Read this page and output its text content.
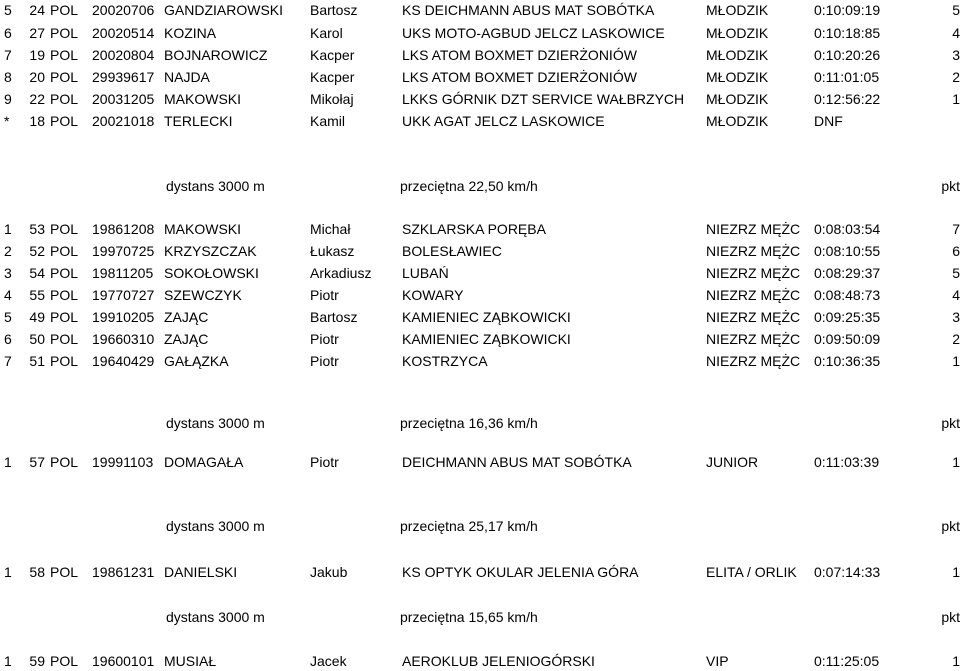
5	24 POL 20020706 GANDZIAROWSKI	Bartosz	KS DEICHMANN ABUS MAT SOBÓTKA	MŁODZIK	0:10:09:19	5
6	27 POL 20020514 KOZINA	Karol	UKS MOTO-AGBUD JELCZ LASKOWICE	MŁODZIK	0:10:18:85	4
7	19 POL 20020804 BOJNAROWICZ	Kacper	LKS ATOM BOXMET DZIERŻONIÓW	MŁODZIK	0:10:20:26	3
8	20 POL 29939617 NAJDA	Kacper	LKS ATOM BOXMET DZIERŻONIÓW	MŁODZIK	0:11:01:05	2
9	22 POL 20031205 MAKOWSKI	Mikołaj	LKKS GÓRNIK DZT SERVICE WAŁBRZYCH	MŁODZIK	0:12:56:22	1
*	18 POL 20021018 TERLECKI	Kamil	UKK AGAT JELCZ LASKOWICE	MŁODZIK	DNF
dystans 3000 m	przeciętna 22,50 km/h	pkt
1	53 POL 19861208 MAKOWSKI	Michał	SZKLARSKA PORĘBA	NIEZRZ MĘŻC 0:08:03:54	7
2	52 POL 19970725 KRZYSZCZAK	Łukasz	BOLESŁAWIEC	NIEZRZ MĘŻC 0:08:10:55	6
3	54 POL 19811205 SOKOŁOWSKI	Arkadiusz	LUBAŃ	NIEZRZ MĘŻC 0:08:29:37	5
4	55 POL 19770727 SZEWCZYK	Piotr	KOWARY	NIEZRZ MĘŻC 0:08:48:73	4
5	49 POL 19910205 ZAJĄC	Bartosz	KAMIENIEC ZĄBKOWICKI	NIEZRZ MĘŻC 0:09:25:35	3
6	50 POL 19660310 ZAJĄC	Piotr	KAMIENIEC ZĄBKOWICKI	NIEZRZ MĘŻC 0:09:50:09	2
7	51 POL 19640429 GAŁĄZKA	Piotr	KOSTRZYCA	NIEZRZ MĘŻC 0:10:36:35	1
dystans 3000 m	przeciętna 16,36 km/h	pkt
1	57 POL 19991103 DOMAGAŁA	Piotr	DEICHMANN ABUS MAT SOBÓTKA	JUNIOR	0:11:03:39	1
dystans 3000 m	przeciętna 25,17 km/h	pkt
1	58 POL 19861231 DANIELSKI	Jakub	KS OPTYK OKULAR JELENIA GÓRA	ELITA / ORLIK	0:07:14:33	1
dystans 3000 m	przeciętna 15,65 km/h	pkt
1	59 POL 19600101 MUSIAŁ	Jacek	AEROKLUB JELENIOGÓRSKI	VIP	0:11:25:05	1
